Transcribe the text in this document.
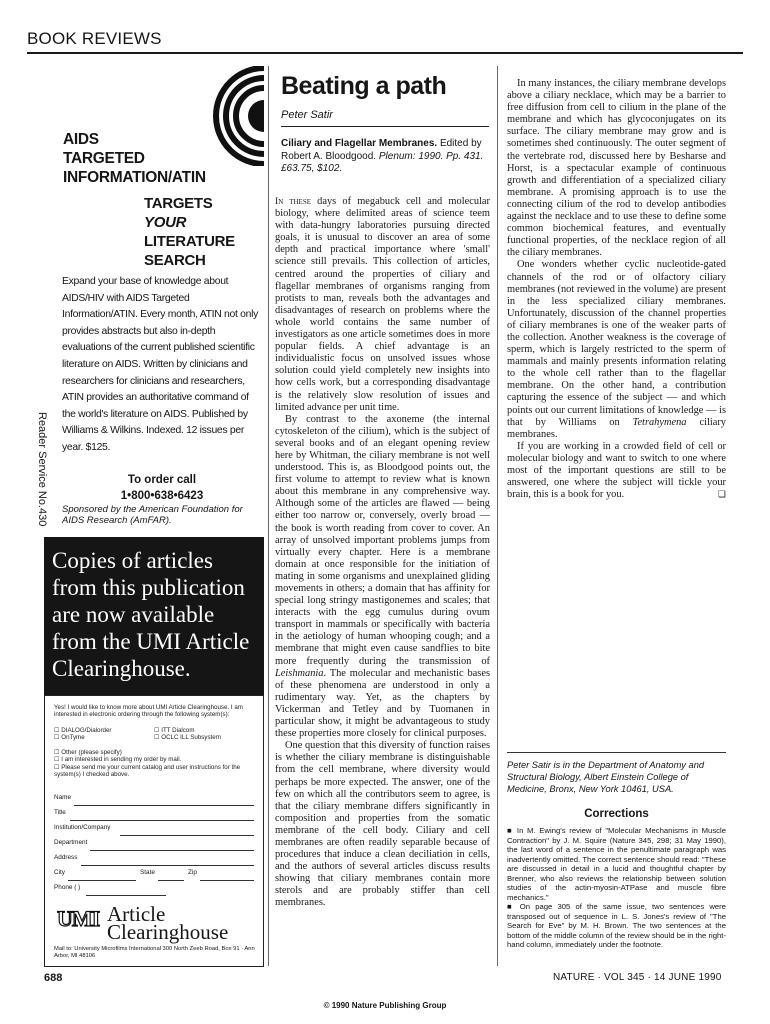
BOOK REVIEWS
AIDS
TARGETED
INFORMATION/ATIN
TARGETS
YOUR
LITERATURE
SEARCH
Expand your base of knowledge about AIDS/HIV with AIDS Targeted Information/ATIN. Every month, ATIN not only provides abstracts but also in-depth evaluations of the current published scientific literature on AIDS. Written by clinicians and researchers for clinicians and researchers, ATIN provides an authoritative command of the world's literature on AIDS. Published by Williams & Wilkins. Indexed. 12 issues per year. $125.
To order call
1•800•638•6423
Sponsored by the American Foundation for AIDS Research (AmFAR).
Reader Service No.430

Copies of articles from this publication are now available from the UMI Article Clearinghouse.

Yes! I would like to know more about UMI Article Clearinghouse. I am interested in electronic ordering through the following system(s):
☐ DIALOG/Dialorder	☐ ITT Dialcom
☐ OnTyme	☐ OCLC ILL Subsystem
☐ Other (please specify)
☐ I am interested in sending my order by mail.
☐ Please send me your current catalog and user instructions for the system(s) I checked above.
Name
Title
Institution/Company
Department
Address
City	State	Zip
Phone ( )
UMI Article
Clearinghouse
Mail to: University Microfilms International 300 North Zeeb Road, Box 91 · Ann Arbor, MI 48106
Beating a path
Peter Satir
Ciliary and Flagellar Membranes. Edited by Robert A. Bloodgood. Plenum: 1990. Pp. 431. £63.75, $102.

In these days of megabuck cell and molecular biology, where delimited areas of science teem with data-hungry laboratories pursuing directed goals, it is unusual to discover an area of some depth and practical importance where 'small' science still prevails. This collection of articles, centred around the properties of ciliary and flagellar membranes of organisms ranging from protists to man, reveals both the advantages and disadvantages of research on problems where the whole world contains the same number of investigators as one article sometimes does in more popular fields. A chief advantage is an individualistic focus on unsolved issues whose solution could yield completely new insights into how cells work, but a corresponding disadvantage is the relatively slow resolution of issues and limited advance per unit time.

By contrast to the axoneme (the internal cytoskeleton of the cilium), which is the subject of several books and of an elegant opening review here by Whitman, the ciliary membrane is not well understood. This is, as Bloodgood points out, the first volume to attempt to review what is known about this membrane in any comprehensive way. Although some of the articles are flawed — being either too narrow or, conversely, overly broad — the book is worth reading from cover to cover. An array of unsolved important problems jumps from virtually every chapter. Here is a membrane domain at once responsible for the initiation of mating in some organisms and unexplained gliding movements in others; a domain that has affinity for special long stringy mastigonemes and scales; that interacts with the egg cumulus during ovum transport in mammals or specifically with bacteria in the aetiology of human whooping cough; and a membrane that might even cause sandflies to bite more frequently during the transmission of Leishmania. The molecular and mechanistic bases of these phenomena are understood in only a rudimentary way. Yet, as the chapters by Vickerman and Tetley and by Tuomanen in particular show, it might be advantageous to study these properties more closely for clinical purposes.

One question that this diversity of function raises is whether the ciliary membrane is distinguishable from the cell membrane, where diversity would perhaps be more expected. The answer, one of the few on which all the contributors seem to agree, is that the ciliary membrane differs significantly in composition and properties from the somatic membrane of the cell body. Ciliary and cell membranes are often readily separable because of procedures that induce a clean deciliation in cells, and the authors of several articles discuss results showing that ciliary membranes contain more sterols and are probably stiffer than cell membranes.

In many instances, the ciliary membrane develops above a ciliary necklace, which may be a barrier to free diffusion from cell to cilium in the plane of the membrane and which has glycoconjugates on its surface. The ciliary membrane may grow and is sometimes shed continuously. The outer segment of the vertebrate rod, discussed here by Besharse and Horst, is a spectacular example of continuous growth and differentiation of a specialized ciliary membrane. A promising approach is to use the connecting cilium of the rod to develop antibodies against the necklace and to use these to define some common biochemical features, and eventually functional properties, of the necklace region of all the ciliary membranes.

One wonders whether cyclic nucleotide-gated channels of the rod or of olfactory ciliary membranes (not reviewed in the volume) are present in the less specialized ciliary membranes. Unfortunately, discussion of the channel properties of ciliary membranes is one of the weaker parts of the collection. Another weakness is the coverage of sperm, which is largely restricted to the sperm of mammals and mainly presents information relating to the whole cell rather than to the flagellar membrane. On the other hand, a contribution capturing the essence of the subject — and which points out our current limitations of knowledge — is that by Williams on Tetrahymena ciliary membranes.

If you are working in a crowded field of cell or molecular biology and want to switch to one where most of the important questions are still to be answered, one where the subject will tickle your brain, this is a book for you.	❏

Peter Satir is in the Department of Anatomy and Structural Biology, Albert Einstein College of Medicine, Bronx, New York 10461, USA.
Corrections

■ In M. Ewing's review of "Molecular Mechanisms in Muscle Contraction" by J. M. Squire (Nature 345, 298; 31 May 1990), the last word of a sentence in the penultimate paragraph was inadvertently omitted. The correct sentence should read: "These are discussed in detail in a lucid and thoughtful chapter by Brenner, who also reviews the relationship between solution studies of the actin-myosin-ATPase and muscle fibre mechanics."

■ On page 305 of the same issue, two sentences were transposed out of sequence in L. S. Jones's review of "The Search for Eve" by M. H. Brown. The two sentences at the bottom of the middle column of the review should be in the right-hand column, immediately under the footnote.

688	NATURE · VOL 345 · 14 JUNE 1990
© 1990 Nature Publishing Group
